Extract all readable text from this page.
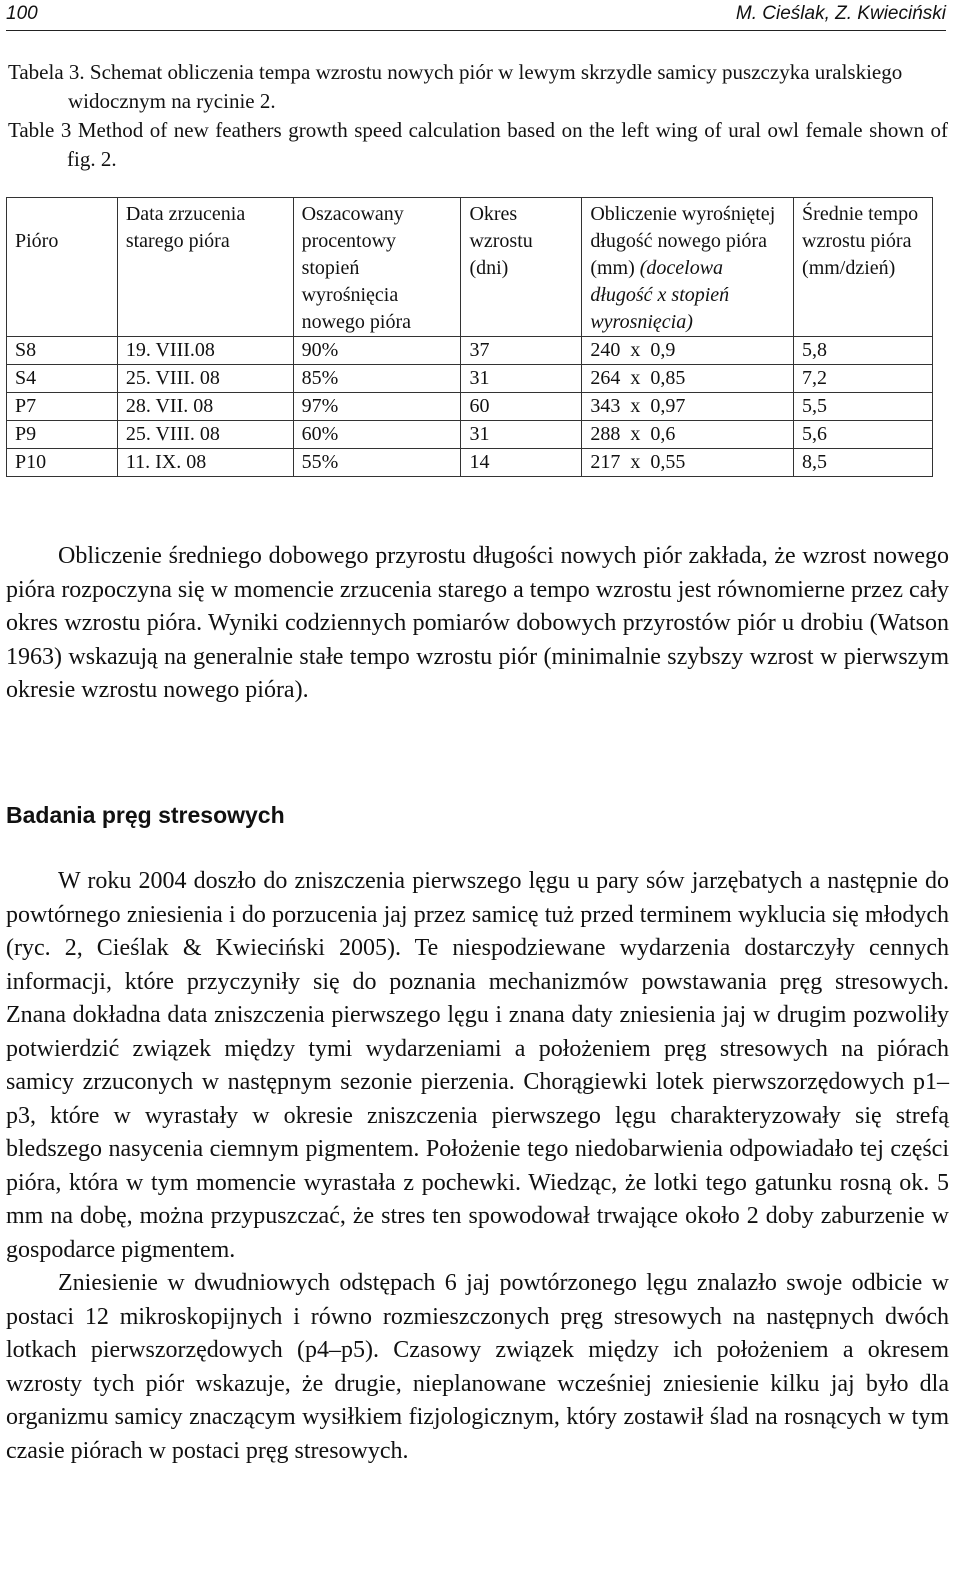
100	M. Cieślak, Z. Kwieciński

Tabela 3. Schemat obliczenia tempa wzrostu nowych piór w lewym skrzydle samicy puszczyka uralskiego widocznym na rycinie 2.

Table 3 Method of new feathers growth speed calculation based on the left wing of ural owl female shown of fig. 2.

Pióro	Data zrzucenia starego pióra	Oszacowany procentowy stopień wyrośnięcia nowego pióra	Okres wzrostu (dni)	Obliczenie wyrośniętej długość nowego pióra (mm) (docelowa długość x stopień wyrosnięcia)	Średnie tempo wzrostu pióra (mm/dzień)
S8	19. VIII.08	90%	37	240  x  0,9	5,8
S4	25. VIII. 08	85%	31	264  x  0,85	7,2
P7	28. VII. 08	97%	60	343  x  0,97	5,5
P9	25. VIII. 08	60%	31	288  x  0,6	5,6
P10	11. IX. 08	55%	14	217  x  0,55	8,5

Obliczenie średniego dobowego przyrostu długości nowych piór zakłada, że wzrost nowego pióra rozpoczyna się w momencie zrzucenia starego a tempo wzrostu jest równomierne przez cały okres wzrostu pióra. Wyniki codziennych pomiarów dobowych przyrostów piór u drobiu (Watson 1963) wskazują na generalnie stałe tempo wzrostu piór (minimalnie szybszy wzrost w pierwszym okresie wzrostu nowego pióra).

Badania pręg stresowych

W roku 2004 doszło do zniszczenia pierwszego lęgu u pary sów jarzębatych a następnie do powtórnego zniesienia i do porzucenia jaj przez samicę tuż przed terminem wyklucia się młodych (ryc. 2, Cieślak & Kwieciński 2005). Te niespodziewane wydarzenia dostarczyły cennych informacji, które przyczyniły się do poznania mechanizmów powstawania pręg stresowych. Znana dokładna data zniszczenia pierwszego lęgu i znana daty zniesienia jaj w drugim pozwoliły potwierdzić związek między tymi wydarzeniami a położeniem pręg stresowych na piórach samicy zrzuconych w następnym sezonie pierzenia. Chorągiewki lotek pierwszorzędowych p1–p3, które w wyrastały w okresie zniszczenia pierwszego lęgu charakteryzowały się strefą bledszego nasycenia ciemnym pigmentem. Położenie tego niedobarwienia odpowiadało tej części pióra, która w tym momencie wyrastała z pochewki. Wiedząc, że lotki tego gatunku rosną ok. 5 mm na dobę, można przypuszczać, że stres ten spowodował trwające około 2 doby zaburzenie w gospodarce pigmentem.

Zniesienie w dwudniowych odstępach 6 jaj powtórzonego lęgu znalazło swoje odbicie w postaci 12 mikroskopijnych i równo rozmieszczonych pręg stresowych na następnych dwóch lotkach pierwszorzędowych (p4–p5). Czasowy związek między ich położeniem a okresem wzrosty tych piór wskazuje, że drugie, nieplanowane wcześniej zniesienie kilku jaj było dla organizmu samicy znaczącym wysiłkiem fizjologicznym, który zostawił ślad na rosnących w tym czasie piórach w postaci pręg stresowych.
